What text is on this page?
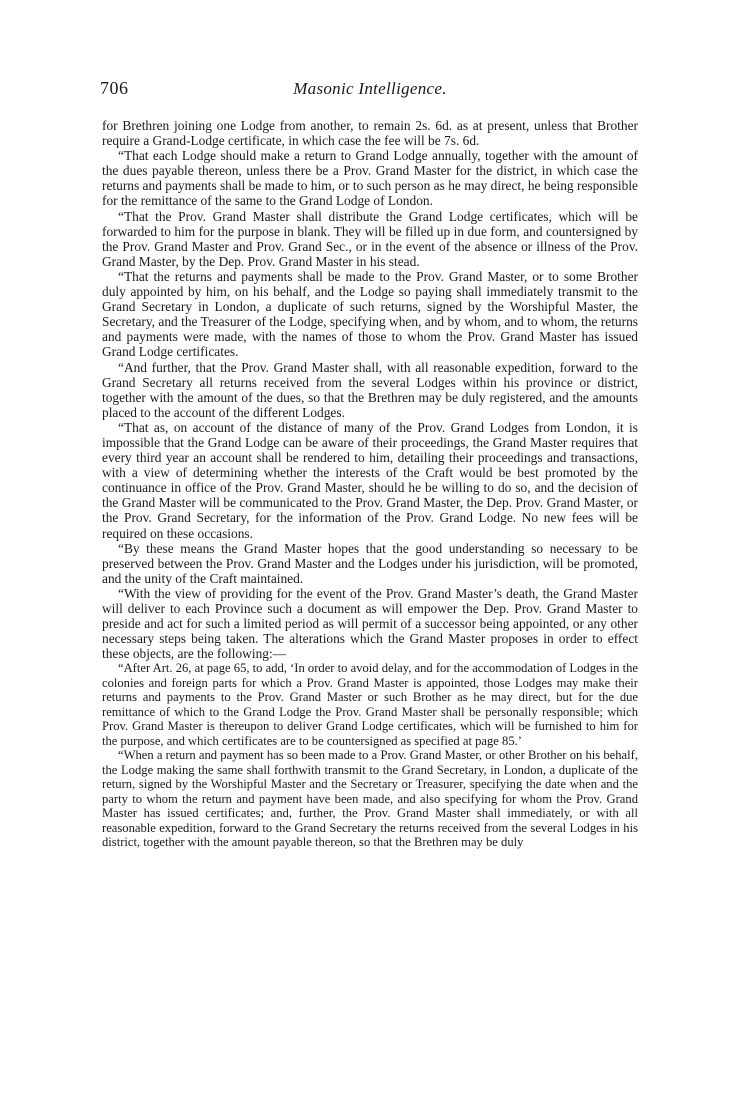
706	Masonic Intelligence.

for Brethren joining one Lodge from another, to remain 2s. 6d. as at present, unless that Brother require a Grand-Lodge certificate, in which case the fee will be 7s. 6d.

“That each Lodge should make a return to Grand Lodge annually, together with the amount of the dues payable thereon, unless there be a Prov. Grand Master for the district, in which case the returns and payments shall be made to him, or to such person as he may direct, he being responsible for the remittance of the same to the Grand Lodge of London.

“That the Prov. Grand Master shall distribute the Grand Lodge certificates, which will be forwarded to him for the purpose in blank. They will be filled up in due form, and countersigned by the Prov. Grand Master and Prov. Grand Sec., or in the event of the absence or illness of the Prov. Grand Master, by the Dep. Prov. Grand Master in his stead.

“That the returns and payments shall be made to the Prov. Grand Master, or to some Brother duly appointed by him, on his behalf, and the Lodge so paying shall immediately transmit to the Grand Secretary in London, a duplicate of such returns, signed by the Worshipful Master, the Secretary, and the Treasurer of the Lodge, specifying when, and by whom, and to whom, the returns and payments were made, with the names of those to whom the Prov. Grand Master has issued Grand Lodge certificates.

“And further, that the Prov. Grand Master shall, with all reasonable expedition, forward to the Grand Secretary all returns received from the several Lodges within his province or district, together with the amount of the dues, so that the Brethren may be duly registered, and the amounts placed to the account of the different Lodges.

“That as, on account of the distance of many of the Prov. Grand Lodges from London, it is impossible that the Grand Lodge can be aware of their proceedings, the Grand Master requires that every third year an account shall be rendered to him, detailing their proceedings and transactions, with a view of determining whether the interests of the Craft would be best promoted by the continuance in office of the Prov. Grand Master, should he be willing to do so, and the decision of the Grand Master will be communicated to the Prov. Grand Master, the Dep. Prov. Grand Master, or the Prov. Grand Secretary, for the information of the Prov. Grand Lodge. No new fees will be required on these occasions.

“By these means the Grand Master hopes that the good understanding so necessary to be preserved between the Prov. Grand Master and the Lodges under his jurisdiction, will be promoted, and the unity of the Craft maintained.

“With the view of providing for the event of the Prov. Grand Master’s death, the Grand Master will deliver to each Province such a document as will empower the Dep. Prov. Grand Master to preside and act for such a limited period as will permit of a successor being appointed, or any other necessary steps being taken. The alterations which the Grand Master proposes in order to effect these objects, are the following:—

“After Art. 26, at page 65, to add, ‘In order to avoid delay, and for the accommodation of Lodges in the colonies and foreign parts for which a Prov. Grand Master is appointed, those Lodges may make their returns and payments to the Prov. Grand Master or such Brother as he may direct, but for the due remittance of which to the Grand Lodge the Prov. Grand Master shall be personally responsible; which Prov. Grand Master is thereupon to deliver Grand Lodge certificates, which will be furnished to him for the purpose, and which certificates are to be countersigned as specified at page 85.’

“When a return and payment has so been made to a Prov. Grand Master, or other Brother on his behalf, the Lodge making the same shall forthwith transmit to the Grand Secretary, in London, a duplicate of the return, signed by the Worshipful Master and the Secretary or Treasurer, specifying the date when and the party to whom the return and payment have been made, and also specifying for whom the Prov. Grand Master has issued certificates; and, further, the Prov. Grand Master shall immediately, or with all reasonable expedition, forward to the Grand Secretary the returns received from the several Lodges in his district, together with the amount payable thereon, so that the Brethren may be duly
